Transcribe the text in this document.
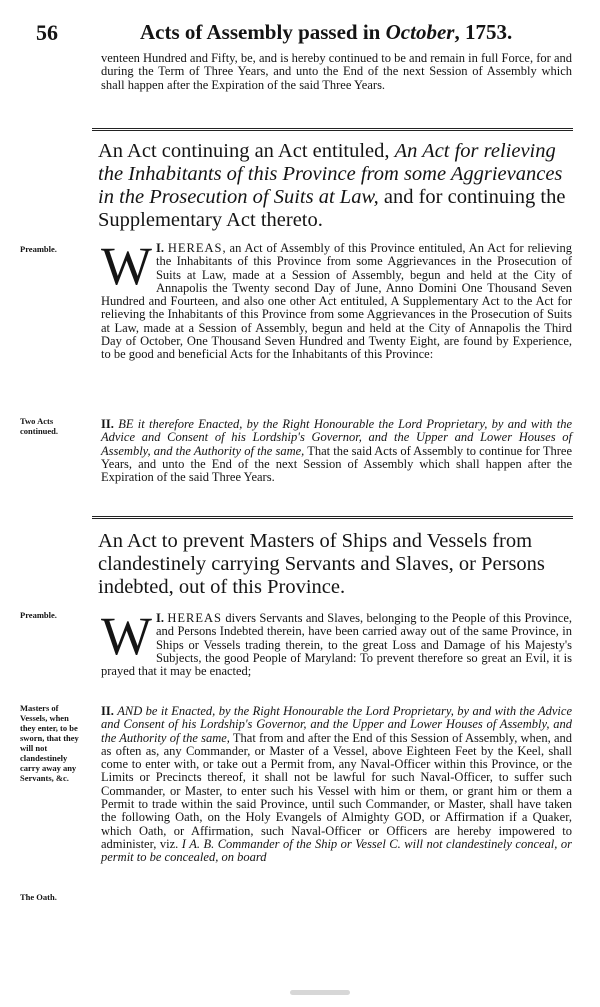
56	Acts of Assembly passed in October, 1753.
venteen Hundred and Fifty, be, and is hereby continued to be and remain in full Force, for and during the Term of Three Years, and unto the End of the next Session of Assembly which shall happen after the Expiration of the said Three Years.
An Act continuing an Act entituled, An Act for relieving the Inhabitants of this Province from some Aggrievances in the Prosecution of Suits at Law, and for continuing the Supplementary Act thereto.
Preamble.
Two Acts continued.
I.
W HEREAS, an Act of Assembly of this Province entituled, An Act for relieving the Inhabitants of this Province from some Aggrievances in the Prosecution of Suits at Law, made at a Session of Assembly, begun and held at the City of Annapolis the Twenty second Day of June, Anno Domini One Thousand Seven Hundred and Fourteen, and also one other Act entituled, A Supplementary Act to the Act for relieving the Inhabitants of this Province from some Aggrievances in the Prosecution of Suits at Law, made at a Session of Assembly, begun and held at the City of Annapolis the Third Day of October, One Thousand Seven Hundred and Twenty Eight, are found by Experience, to be good and beneficial Acts for the Inhabitants of this Province:
II. BE it therefore Enacted, by the Right Honourable the Lord Proprietary, by and with the Advice and Consent of his Lordship's Governor, and the Upper and Lower Houses of Assembly, and the Authority of the same, That the said Acts of Assembly to continue for Three Years, and unto the End of the next Session of Assembly which shall happen after the Expiration of the said Three Years.
An Act to prevent Masters of Ships and Vessels from clandestinely carrying Servants and Slaves, or Persons indebted, out of this Province.
Preamble.
Masters of Vessels, when they enter, to be sworn, that they will not clandestinely carry away any Servants, &c.
The Oath.
I.
W HEREAS divers Servants and Slaves, belonging to the People of this Province, and Persons Indebted therein, have been carried away out of the same Province, in Ships or Vessels trading therein, to the great Loss and Damage of his Majesty's Subjects, the good People of Maryland: To prevent therefore so great an Evil, it is prayed that it may be enacted;
II. AND be it Enacted, by the Right Honourable the Lord Proprietary, by and with the Advice and Consent of his Lordship's Governor, and the Upper and Lower Houses of Assembly, and the Authority of the same, That from and after the End of this Session of Assembly, when, and as often as, any Commander, or Master of a Vessel, above Eighteen Feet by the Keel, shall come to enter with, or take out a Permit from, any Naval-Officer within this Province, or the Limits or Precincts thereof, it shall not be lawful for such Naval-Officer, to suffer such Commander, or Master, to enter such his Vessel with him or them, or grant him or them a Permit to trade within the said Province, until such Commander, or Master, shall have taken the following Oath, on the Holy Evangels of Almighty GOD, or Affirmation if a Quaker, which Oath, or Affirmation, such Naval-Officer or Officers are hereby impowered to administer, viz. I A. B. Commander of the Ship or Vessel C. will not clandestinely conceal, or permit to be concealed, on board
